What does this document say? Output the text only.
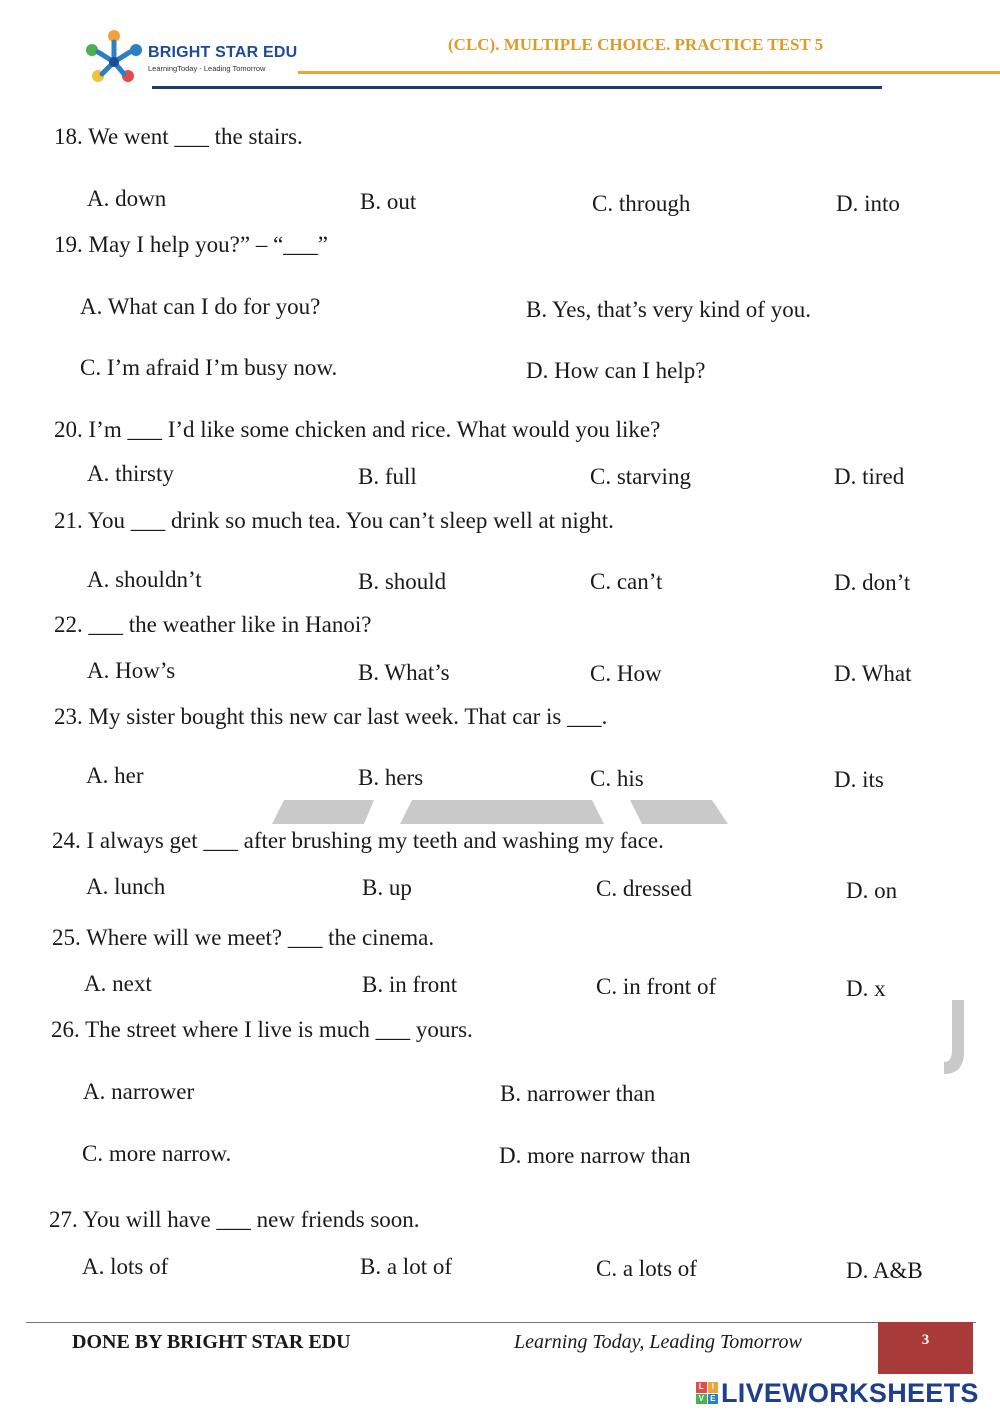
BRIGHT STAR EDU
LearningToday - Leading Tomorrow
(CLC). MULTIPLE CHOICE. PRACTICE TEST 5
18. We went ___ the stairs.
A. down	B. out	C. through	D. into
19. May I help you?” – “___”
A. What can I do for you?	B. Yes, that’s very kind of you.
C. I’m afraid I’m busy now.	D. How can I help?
20. I’m ___ I’d like some chicken and rice. What would you like?
A. thirsty	B. full	C. starving	D. tired
21. You ___ drink so much tea. You can’t sleep well at night.
A. shouldn’t	B. should	C. can’t	D. don’t
22. ___ the weather like in Hanoi?
A. How’s	B. What’s	C. How	D. What
23. My sister bought this new car last week. That car is ___.
A. her	B. hers	C. his	D. its
24. I always get ___ after brushing my teeth and washing my face.
A. lunch	B. up	C. dressed	D. on
25. Where will we meet? ___ the cinema.
A. next	B. in front	C. in front of	D. x
26. The street where I live is much ___ yours.
A. narrower	B. narrower than
C. more narrow.	D. more narrow than
27. You will have ___ new friends soon.
A. lots of	B. a lot of	C. a lots of	D. A&B
DONE BY BRIGHT STAR EDU	Learning Today, Leading Tomorrow	3
L I
V E LIVEWORKSHEETS
